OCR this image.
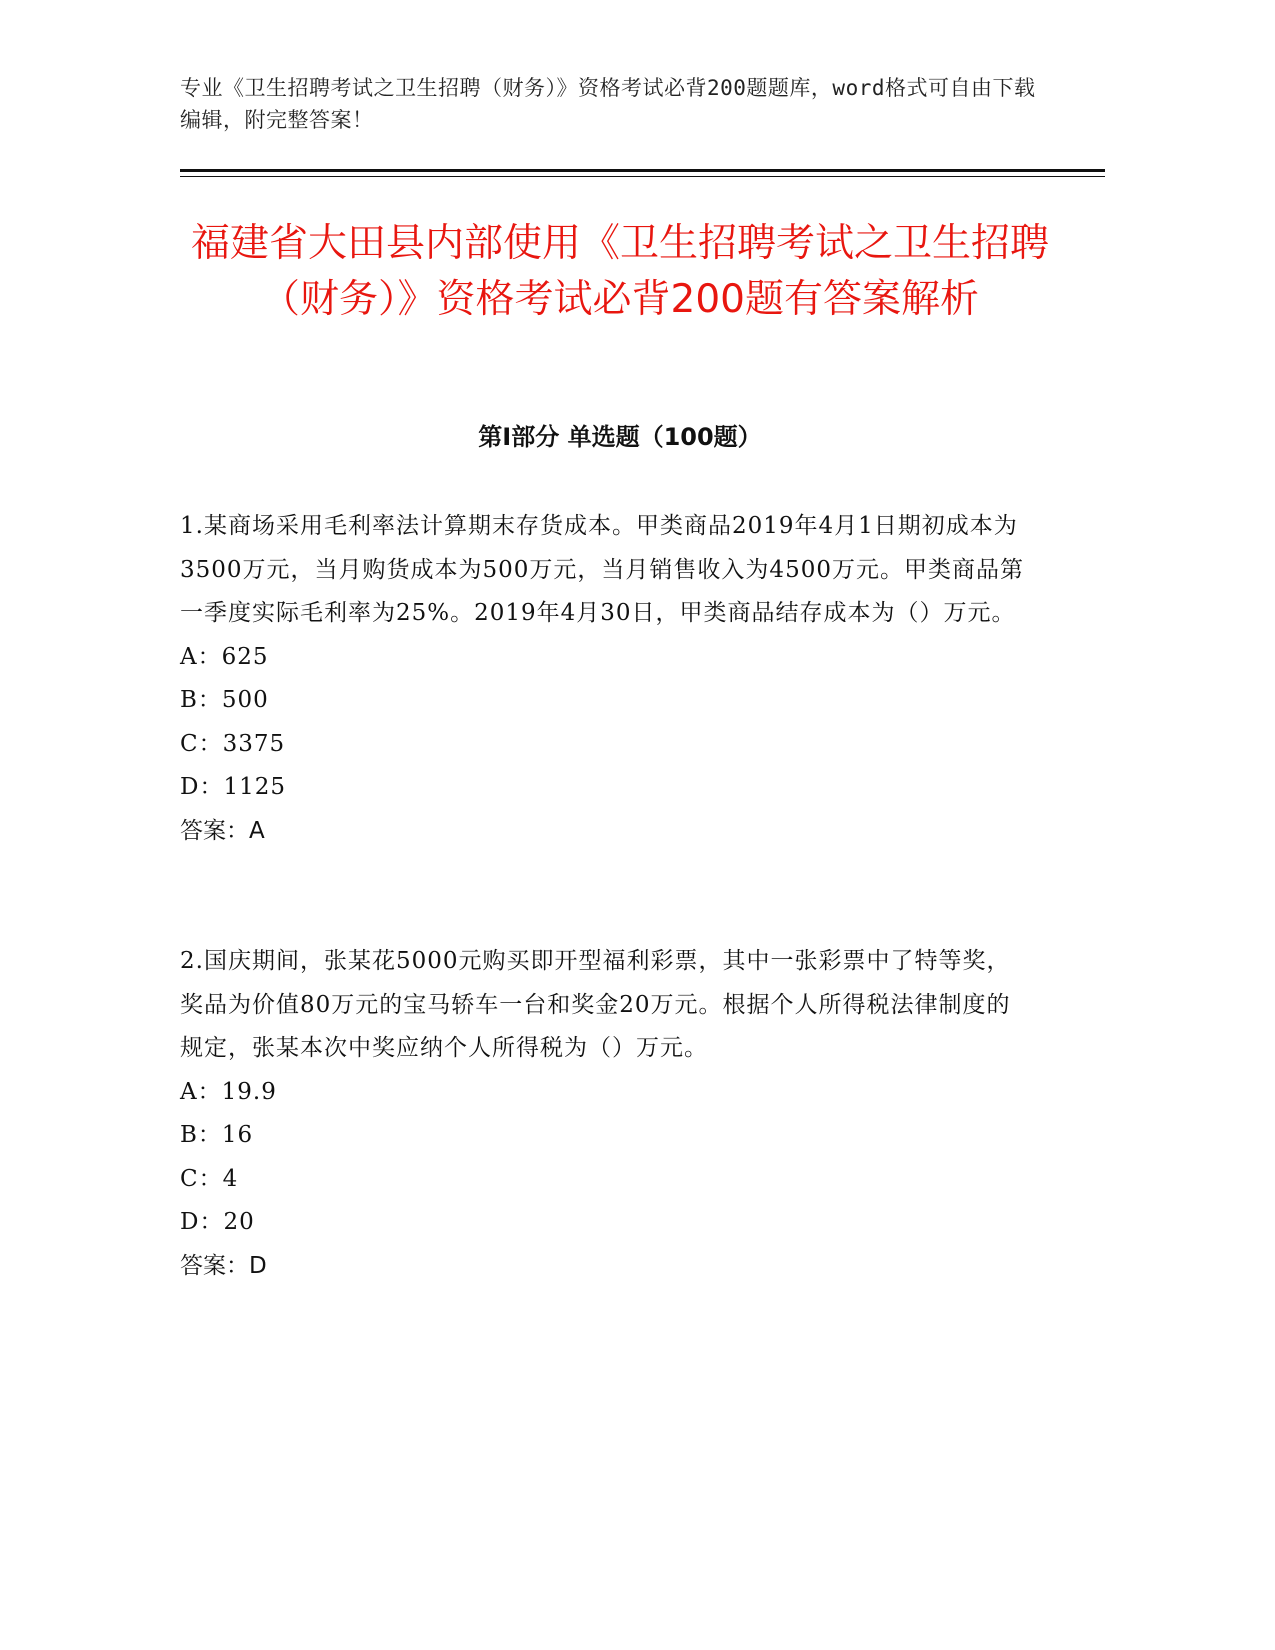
专业《卫生招聘考试之卫生招聘（财务）》资格考试必背200题题库，word格式可自由下载编辑，附完整答案！
福建省大田县内部使用《卫生招聘考试之卫生招聘（财务）》资格考试必背200题有答案解析
第Ⅰ部分 单选题（100题）

1.某商场采用毛利率法计算期末存货成本。甲类商品2019年4月1日期初成本为3500万元，当月购货成本为500万元，当月销售收入为4500万元。甲类商品第一季度实际毛利率为25%。2019年4月30日，甲类商品结存成本为（）万元。

A：625

B：500

C：3375

D：1125

答案：A

2.国庆期间，张某花5000元购买即开型福利彩票，其中一张彩票中了特等奖，奖品为价值80万元的宝马轿车一台和奖金20万元。根据个人所得税法律制度的规定，张某本次中奖应纳个人所得税为（）万元。

A：19.9

B：16

C：4

D：20

答案：D
